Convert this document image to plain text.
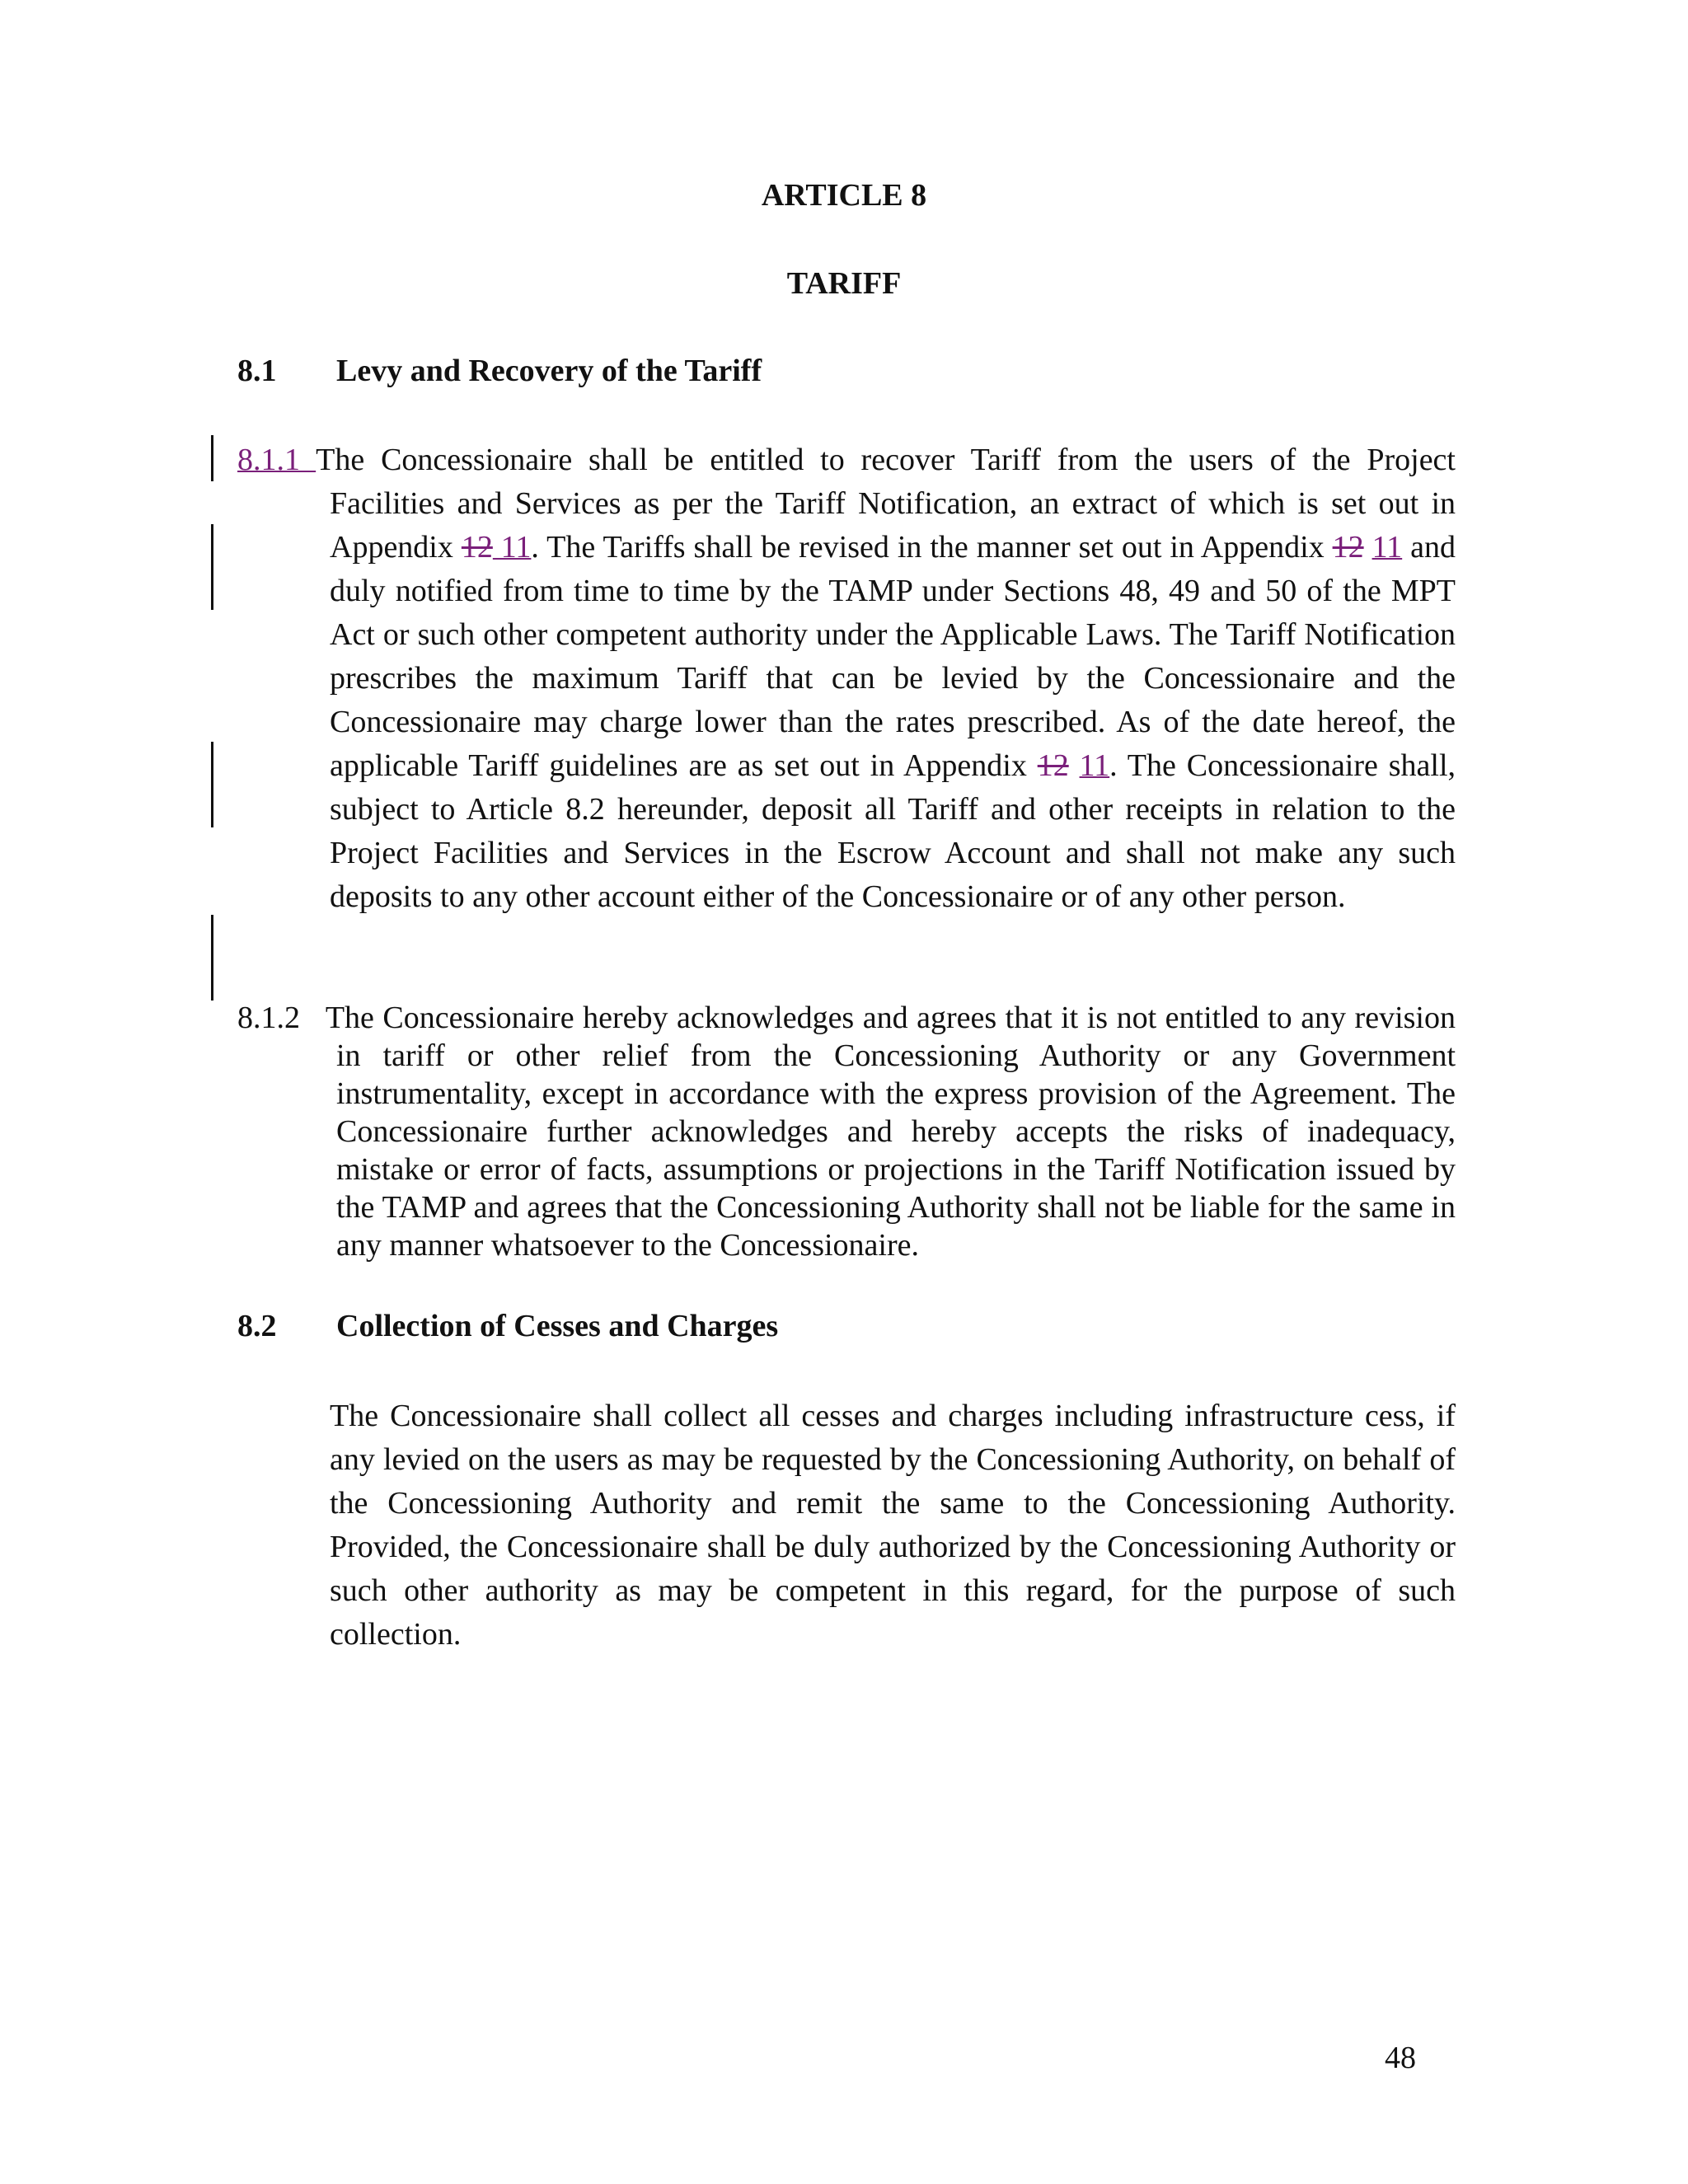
ARTICLE 8
TARIFF
8.1 Levy and Recovery of the Tariff

8.1.1 The Concessionaire shall be entitled to recover Tariff from the users of the Project Facilities and Services as per the Tariff Notification, an extract of which is set out in Appendix 12 11. The Tariffs shall be revised in the manner set out in Appendix 12 11 and duly notified from time to time by the TAMP under Sections 48, 49 and 50 of the MPT Act or such other competent authority under the Applicable Laws. The Tariff Notification prescribes the maximum Tariff that can be levied by the Concessionaire and the Concessionaire may charge lower than the rates prescribed. As of the date hereof, the applicable Tariff guidelines are as set out in Appendix 12 11. The Concessionaire shall, subject to Article 8.2 hereunder, deposit all Tariff and other receipts in relation to the Project Facilities and Services in the Escrow Account and shall not make any such deposits to any other account either of the Concessionaire or of any other person.

8.1.2 The Concessionaire hereby acknowledges and agrees that it is not entitled to any revision in tariff or other relief from the Concessioning Authority or any Government instrumentality, except in accordance with the express provision of the Agreement. The Concessionaire further acknowledges and hereby accepts the risks of inadequacy, mistake or error of facts, assumptions or projections in the Tariff Notification issued by the TAMP and agrees that the Concessioning Authority shall not be liable for the same in any manner whatsoever to the Concessionaire.

8.2 Collection of Cesses and Charges

The Concessionaire shall collect all cesses and charges including infrastructure cess, if any levied on the users as may be requested by the Concessioning Authority, on behalf of the Concessioning Authority and remit the same to the Concessioning Authority. Provided, the Concessionaire shall be duly authorized by the Concessioning Authority or such other authority as may be competent in this regard, for the purpose of such collection.

48
